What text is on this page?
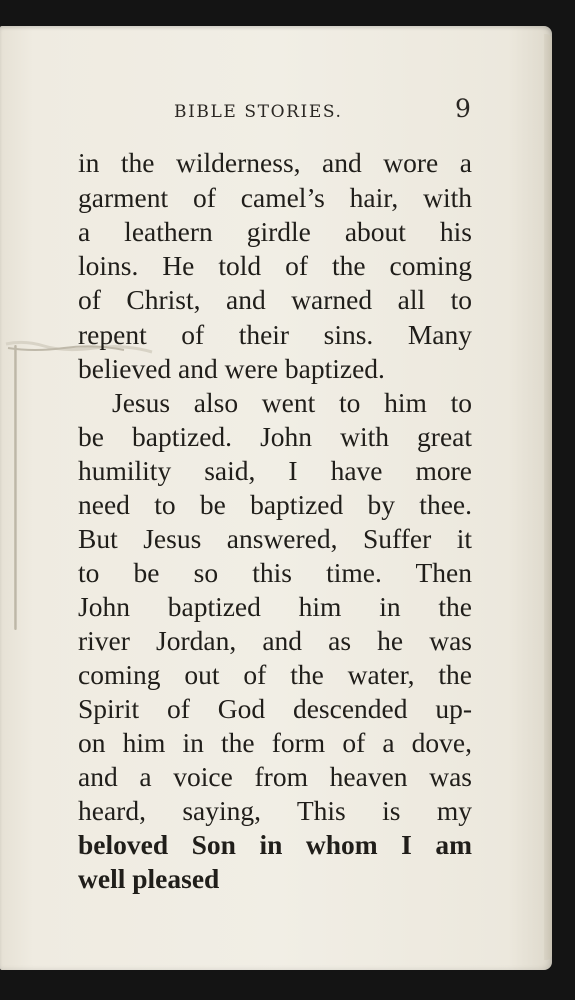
BIBLE STORIES.	9
in the wilderness, and wore a
garment of camel’s hair, with
a leathern girdle about his
loins. He told of the coming
of Christ, and warned all to
repent of their sins. Many
believed and were baptized.
Jesus also went to him to
be baptized. John with great
humility said, I have more
need to be baptized by thee.
But Jesus answered, Suffer it
to be so this time. Then
John baptized him in the
river Jordan, and as he was
coming out of the water, the
Spirit of God descended up-
on him in the form of a dove,
and a voice from heaven was
heard, saying, This is my
beloved Son in whom I am
well pleased
